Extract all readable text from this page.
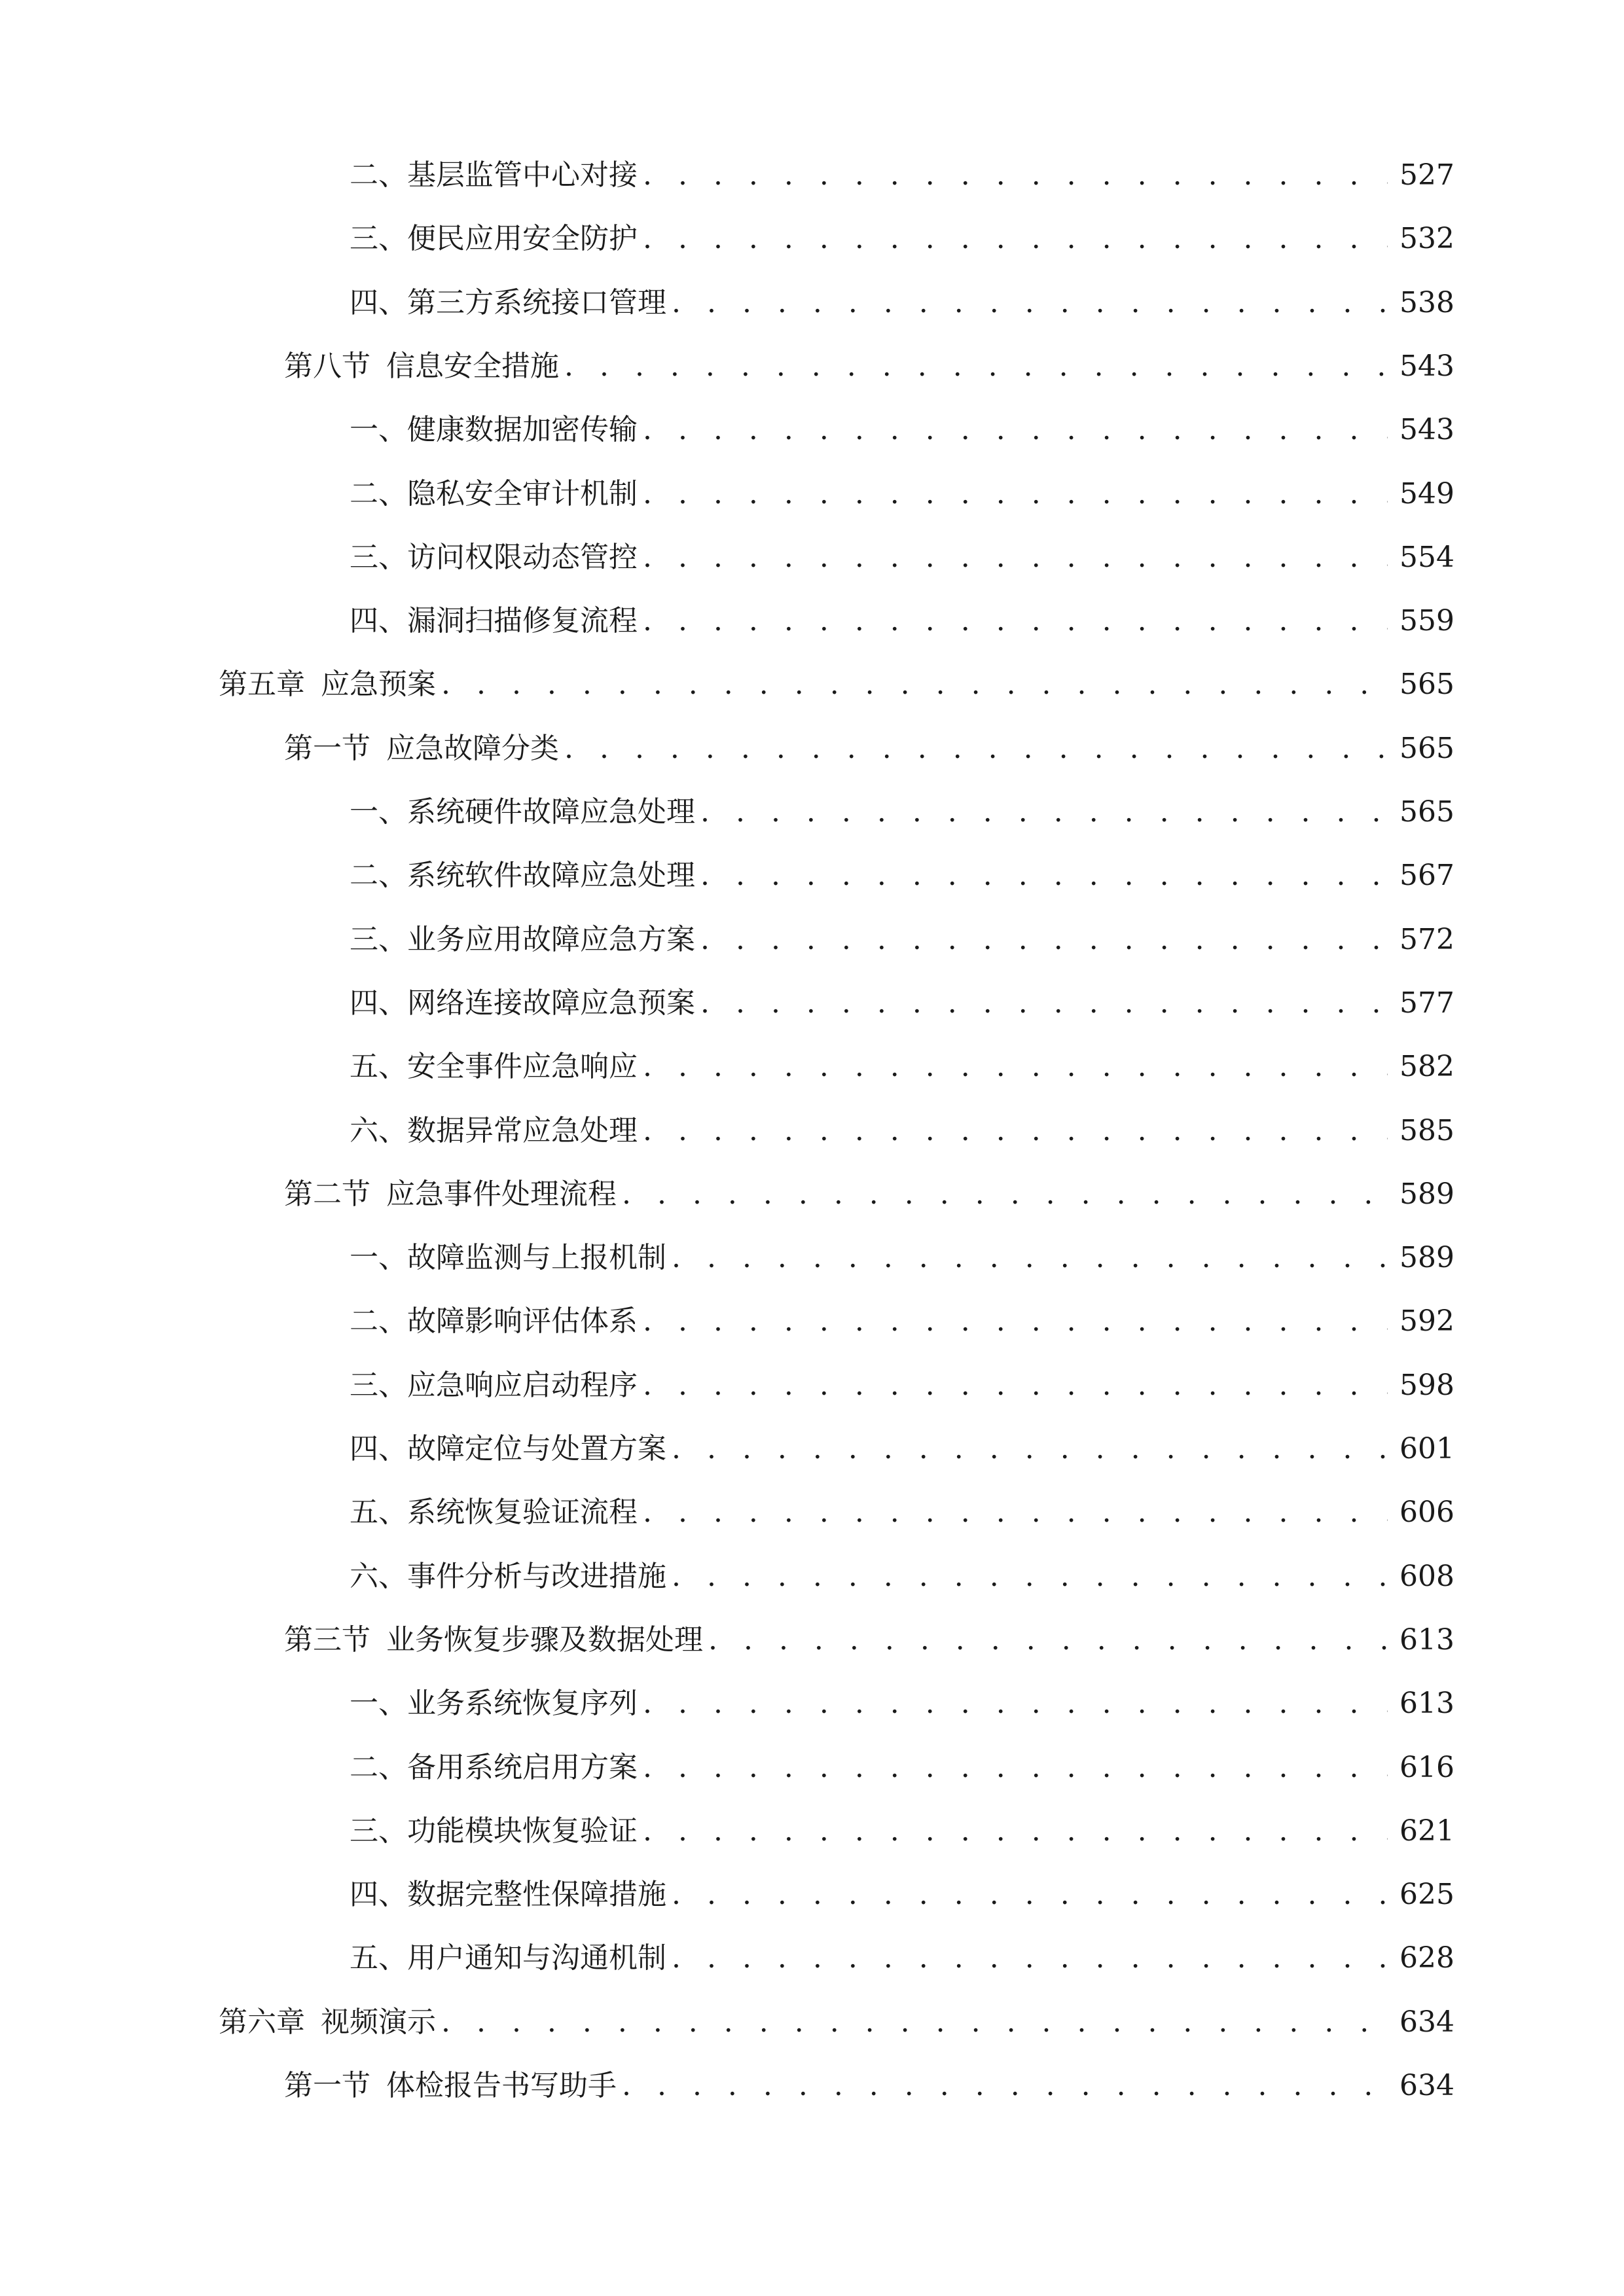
二、 基层监管中心对接 . . .	527
三、 便民应用安全防护 . . .	532
四、 第三方系统接口管理 . . .	538
第八节 信息安全措施 . . .	543
一、 健康数据加密传输 . . .	543
二、 隐私安全审计机制 . . .	549
三、 访问权限动态管控 . . .	554
四、 漏洞扫描修复流程 . . .	559
第五章 应急预案 . . .	565
第一节 应急故障分类 . . .	565
一、 系统硬件故障应急处理 . . .	565
二、 系统软件故障应急处理 . . .	567
三、 业务应用故障应急方案 . . .	572
四、 网络连接故障应急预案 . . .	577
五、 安全事件应急响应 . . .	582
六、 数据异常应急处理 . . .	585
第二节 应急事件处理流程 . . .	589
一、 故障监测与上报机制 . . .	589
二、 故障影响评估体系 . . .	592
三、 应急响应启动程序 . . .	598
四、 故障定位与处置方案 . . .	601
五、 系统恢复验证流程 . . .	606
六、 事件分析与改进措施 . . .	608
第三节 业务恢复步骤及数据处理 . . .	613
一、 业务系统恢复序列 . . .	613
二、 备用系统启用方案 . . .	616
三、 功能模块恢复验证 . . .	621
四、 数据完整性保障措施 . . .	625
五、 用户通知与沟通机制 . . .	628
第六章 视频演示 . . .	634
第一节 体检报告书写助手 . . .	634
